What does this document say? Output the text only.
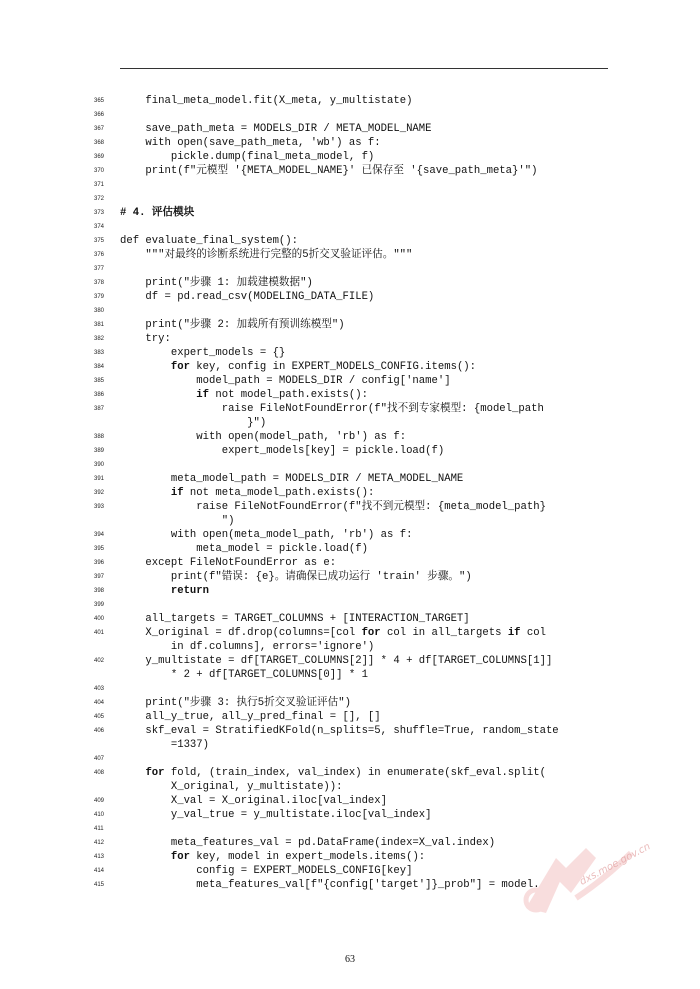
365	final_meta_model.fit(X_meta, y_multistate)
366
367	save_path_meta = MODELS_DIR / META_MODEL_NAME
368	with open(save_path_meta, 'wb') as f:
369	pickle.dump(final_meta_model, f)
370	print(f"元模型 '{META_MODEL_NAME}' 已保存至 '{save_path_meta}'")
371
372
373	# 4. 评估模块
374
375	def evaluate_final_system():
376	"""对最终的诊断系统进行完整的5折交叉验证评估。"""
377
378	print("步骤 1: 加载建模数据")
379	df = pd.read_csv(MODELING_DATA_FILE)
380
381	print("步骤 2: 加载所有预训练模型")
382	try:
383	expert_models = {}
384	for key, config in EXPERT_MODELS_CONFIG.items():
385	model_path = MODELS_DIR / config['name']
386	if not model_path.exists():
387	raise FileNotFoundError(f"找不到专家模型: {model_path
}")
388	with open(model_path, 'rb') as f:
389	expert_models[key] = pickle.load(f)
390
391	meta_model_path = MODELS_DIR / META_MODEL_NAME
392	if not meta_model_path.exists():
393	raise FileNotFoundError(f"找不到元模型: {meta_model_path}
")
394	with open(meta_model_path, 'rb') as f:
395	meta_model = pickle.load(f)
396	except FileNotFoundError as e:
397	print(f"错误: {e}。请确保已成功运行 'train' 步骤。")
398	return
399
400	all_targets = TARGET_COLUMNS + [INTERACTION_TARGET]
401	X_original = df.drop(columns=[col for col in all_targets if col
in df.columns], errors='ignore')
402	y_multistate = df[TARGET_COLUMNS[2]] * 4 + df[TARGET_COLUMNS[1]]
* 2 + df[TARGET_COLUMNS[0]] * 1
403
404	print("步骤 3: 执行5折交叉验证评估")
405	all_y_true, all_y_pred_final = [], []
406	skf_eval = StratifiedKFold(n_splits=5, shuffle=True, random_state
=1337)
407
408	for fold, (train_index, val_index) in enumerate(skf_eval.split(
X_original, y_multistate)):
409	X_val = X_original.iloc[val_index]
410	y_val_true = y_multistate.iloc[val_index]
411
412	meta_features_val = pd.DataFrame(index=X_val.index)
413	for key, model in expert_models.items():
414	config = EXPERT_MODELS_CONFIG[key]
415	meta_features_val[f"{config['target']}_prob"] = model.	dxs.moe.gov.cn
63
